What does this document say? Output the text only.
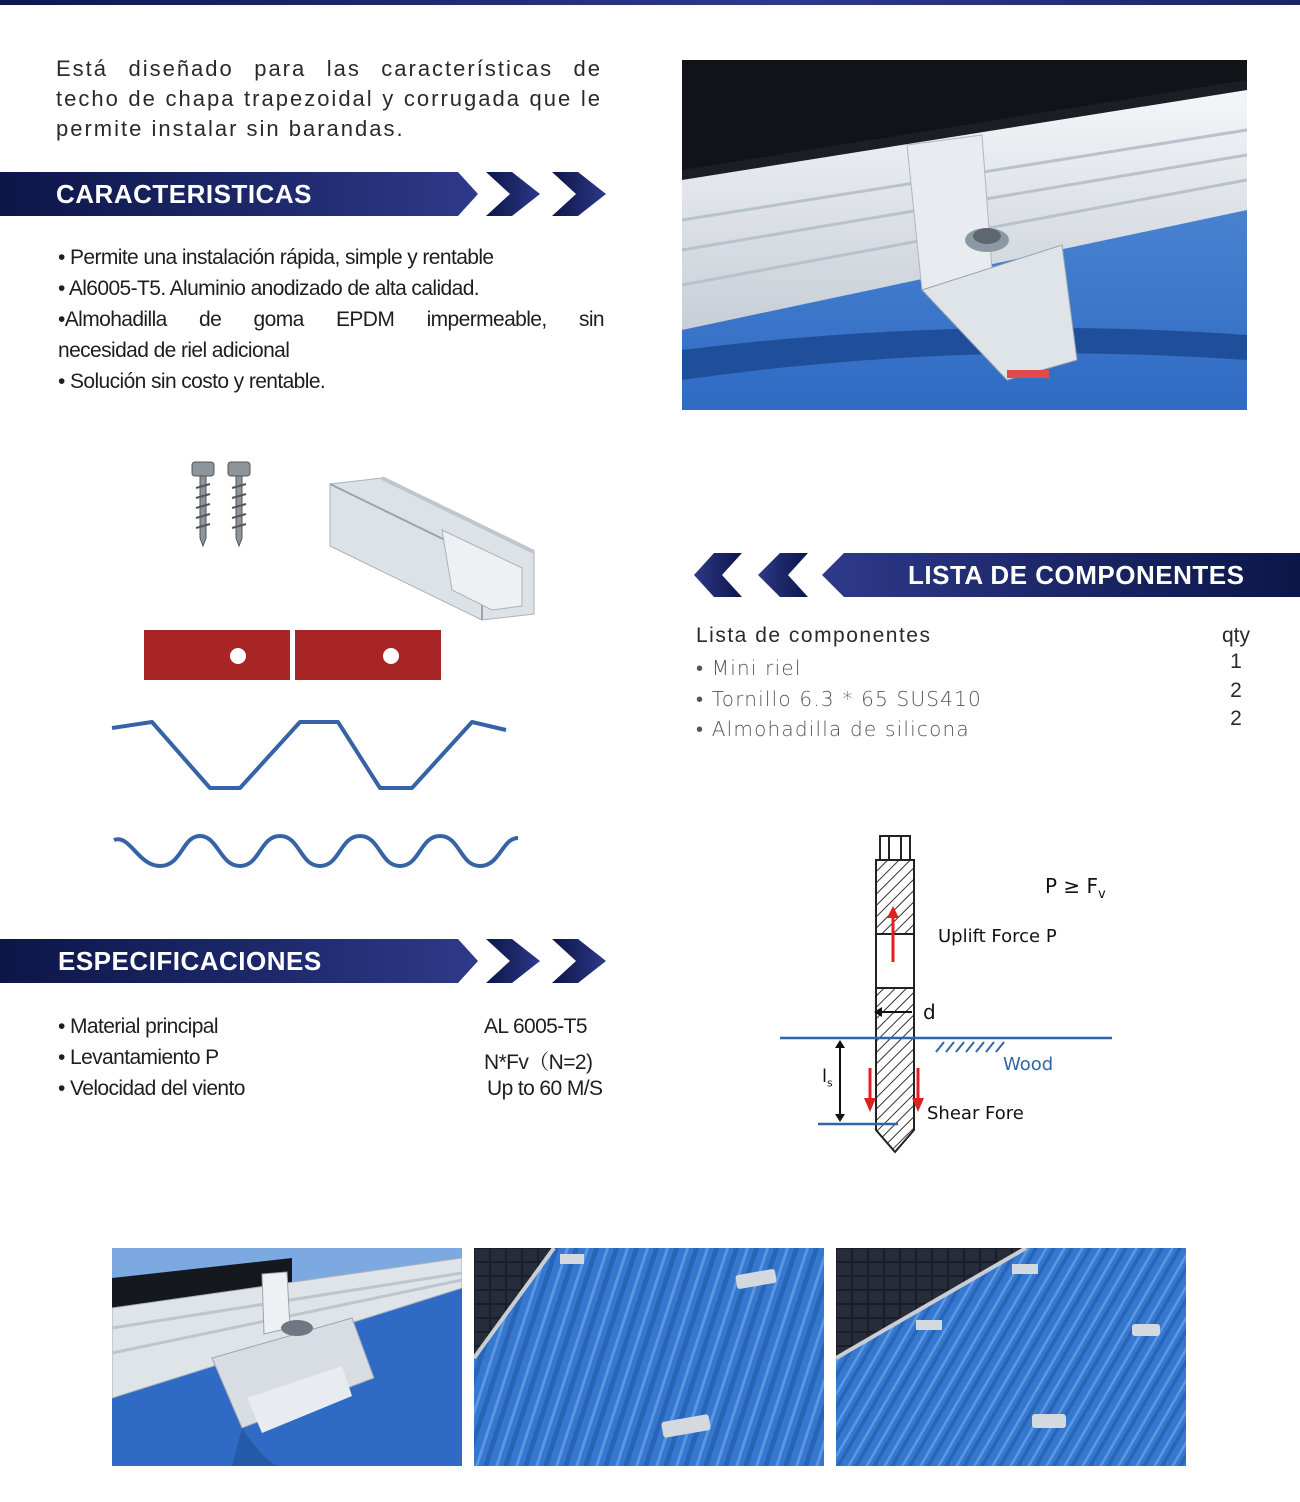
Está diseñado para las características de techo de chapa trapezoidal y corrugada que le permite instalar sin barandas.

CARACTERISTICAS
• Permite una instalación rápida, simple y rentable
• Al6005-T5. Aluminio anodizado de alta calidad.
•Almohadilla de goma EPDM impermeable, sin
necesidad de riel adicional
• Solución sin costo y rentable.
LISTA DE COMPONENTES
Lista de componentes	qty
• Mini riel	1
• Tornillo 6.3 * 65 SUS410	2
• Almohadilla de silicona	2
$P \ge F_v$
Uplift Force P
d
Wood
$l_s$
Shear Fore
ESPECIFICACIONES
• Material principal	AL 6005-T5
• Levantamiento P	N*Fv（N=2)
• Velocidad del viento	Up to 60 M/S
